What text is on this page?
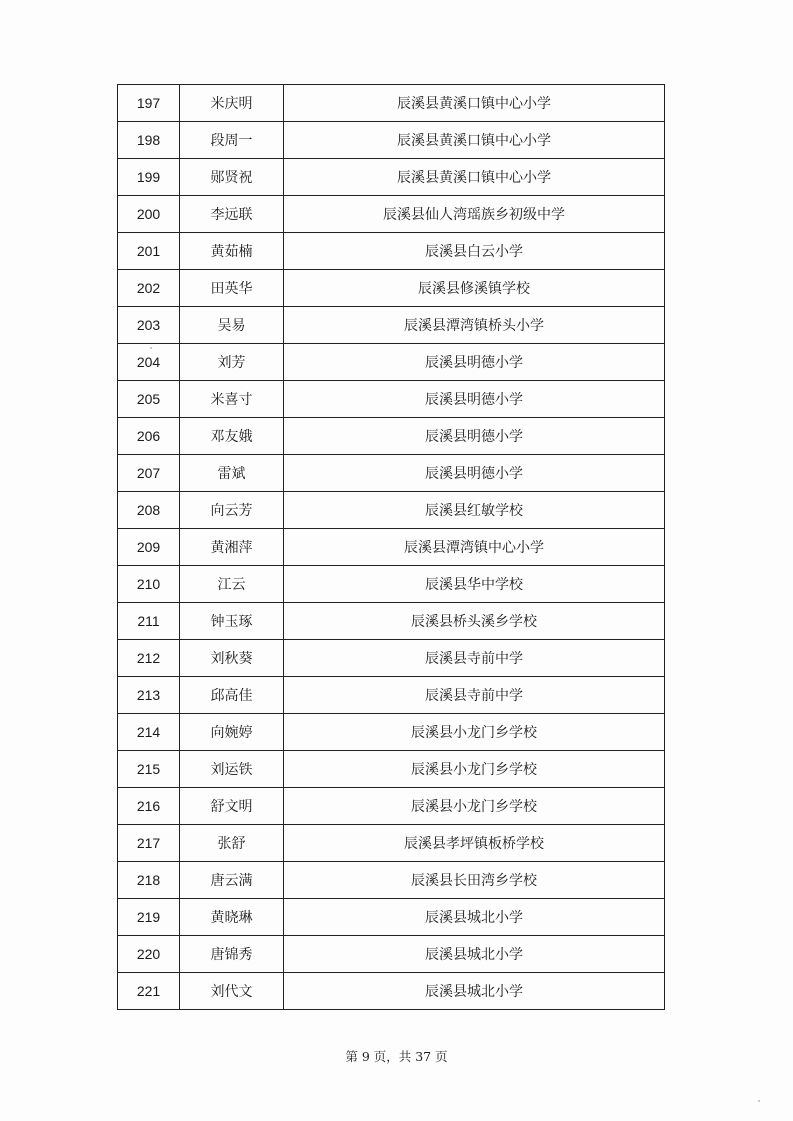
197	米庆明	辰溪县黄溪口镇中心小学
198	段周一	辰溪县黄溪口镇中心小学
199	郧贤祝	辰溪县黄溪口镇中心小学
200	李远联	辰溪县仙人湾瑶族乡初级中学
201	黄茹楠	辰溪县白云小学
202	田英华	辰溪县修溪镇学校
203	吴易	辰溪县潭湾镇桥头小学
204	刘芳	辰溪县明德小学
205	米喜寸	辰溪县明德小学
206	邓友娥	辰溪县明德小学
207	雷斌	辰溪县明德小学
208	向云芳	辰溪县红敏学校
209	黄湘萍	辰溪县潭湾镇中心小学
210	江云	辰溪县华中学校
211	钟玉琢	辰溪县桥头溪乡学校
212	刘秋葵	辰溪县寺前中学
213	邱高佳	辰溪县寺前中学
214	向婉婷	辰溪县小龙门乡学校
215	刘运铁	辰溪县小龙门乡学校
216	舒文明	辰溪县小龙门乡学校
217	张舒	辰溪县孝坪镇板桥学校
218	唐云满	辰溪县长田湾乡学校
219	黄晓琳	辰溪县城北小学
220	唐锦秀	辰溪县城北小学
221	刘代文	辰溪县城北小学
第 9 页，共 37 页
